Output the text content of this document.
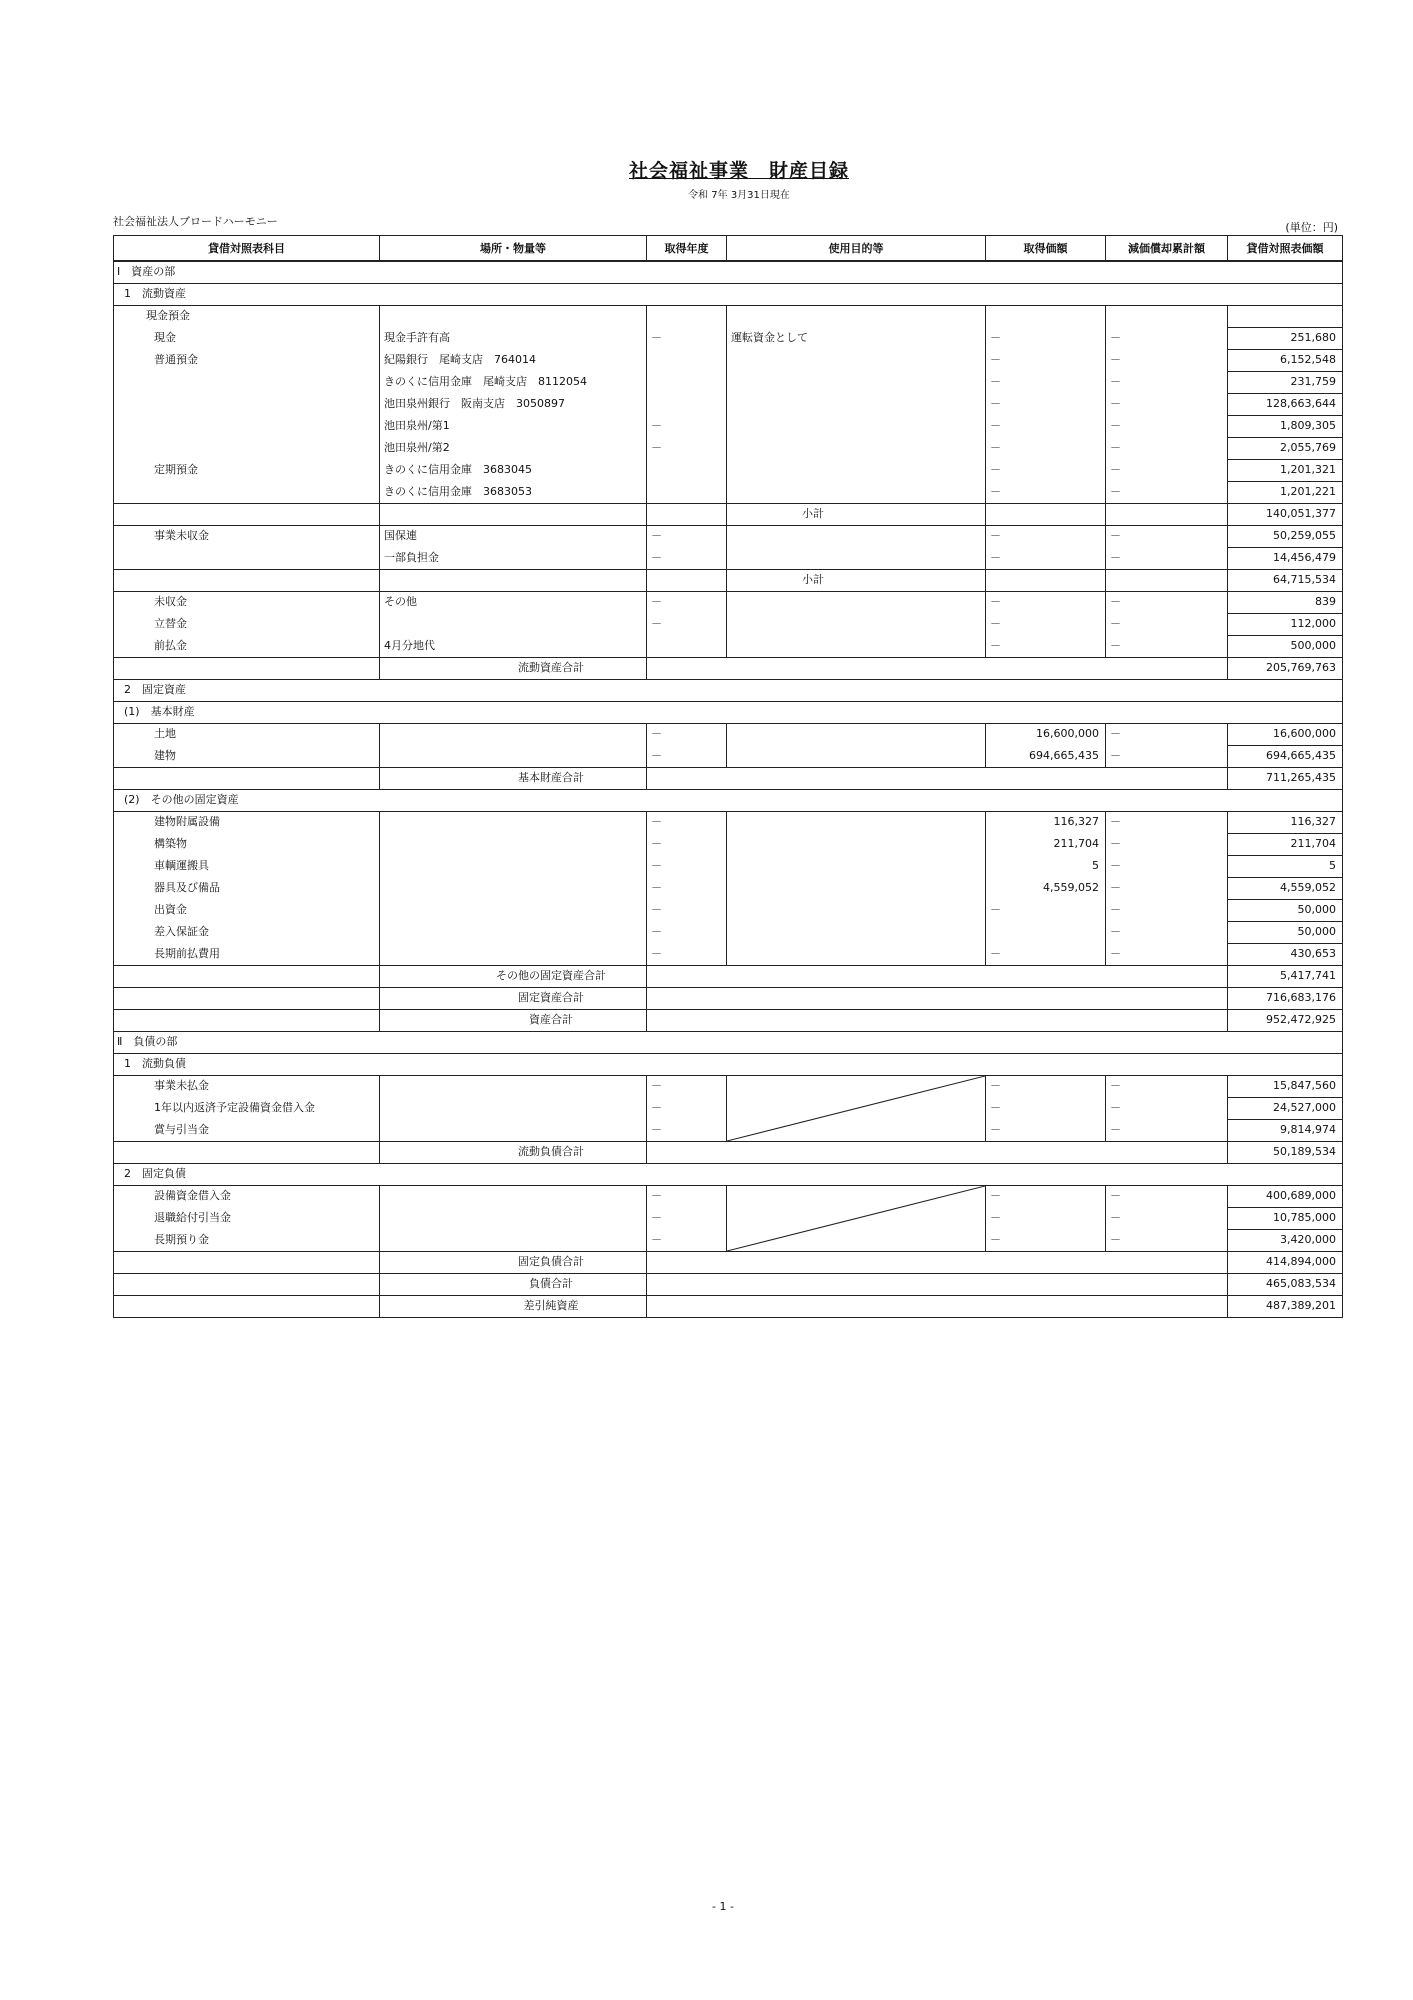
社会福祉事業　財産目録
令和 7年 3月31日現在
社会福祉法人ブロードハーモニー	(単位：円)
貸借対照表科目	場所・物量等	取得年度	使用目的等	取得価額	減価償却累計額	貸借対照表価額
Ⅰ　資産の部						
1　流動資産						
現金預金						
現金	現金手許有高	－	運転資金として	－	－	251,680
普通預金	紀陽銀行　尾崎支店　764014			－	－	6,152,548
	きのくに信用金庫　尾崎支店　8112054			－	－	231,759
	池田泉州銀行　阪南支店　3050897			－	－	128,663,644
	池田泉州/第1	－		－	－	1,809,305
	池田泉州/第2	－		－	－	2,055,769
定期預金	きのくに信用金庫　3683045			－	－	1,201,321
	きのくに信用金庫　3683053			－	－	1,201,221
			小計			140,051,377
事業未収金	国保連	－		－	－	50,259,055
	一部負担金	－		－	－	14,456,479
			小計			64,715,534
未収金	その他	－		－	－	839
立替金		－		－	－	112,000
前払金	4月分地代			－	－	500,000
	流動資産合計					205,769,763
2　固定資産						
(1)　基本財産						
土地		－		16,600,000	－	16,600,000
建物		－		694,665,435	－	694,665,435
	基本財産合計					711,265,435
(2)　その他の固定資産						
建物附属設備		－		116,327	－	116,327
構築物		－		211,704	－	211,704
車輌運搬具		－		5	－	5
器具及び備品		－		4,559,052	－	4,559,052
出資金		－		－	－	50,000
差入保証金		－			－	50,000
長期前払費用		－		－	－	430,653
	その他の固定資産合計					5,417,741
	固定資産合計					716,683,176
	資産合計					952,472,925
Ⅱ　負債の部						
1　流動負債						
事業未払金		－		－	－	15,847,560
1年以内返済予定設備資金借入金		－		－	－	24,527,000
賞与引当金		－		－	－	9,814,974
	流動負債合計					50,189,534
2　固定負債						
設備資金借入金		－		－	－	400,689,000
退職給付引当金		－		－	－	10,785,000
長期預り金		－		－	－	3,420,000
	固定負債合計					414,894,000
	負債合計					465,083,534
	差引純資産					487,389,201
- 1 -
